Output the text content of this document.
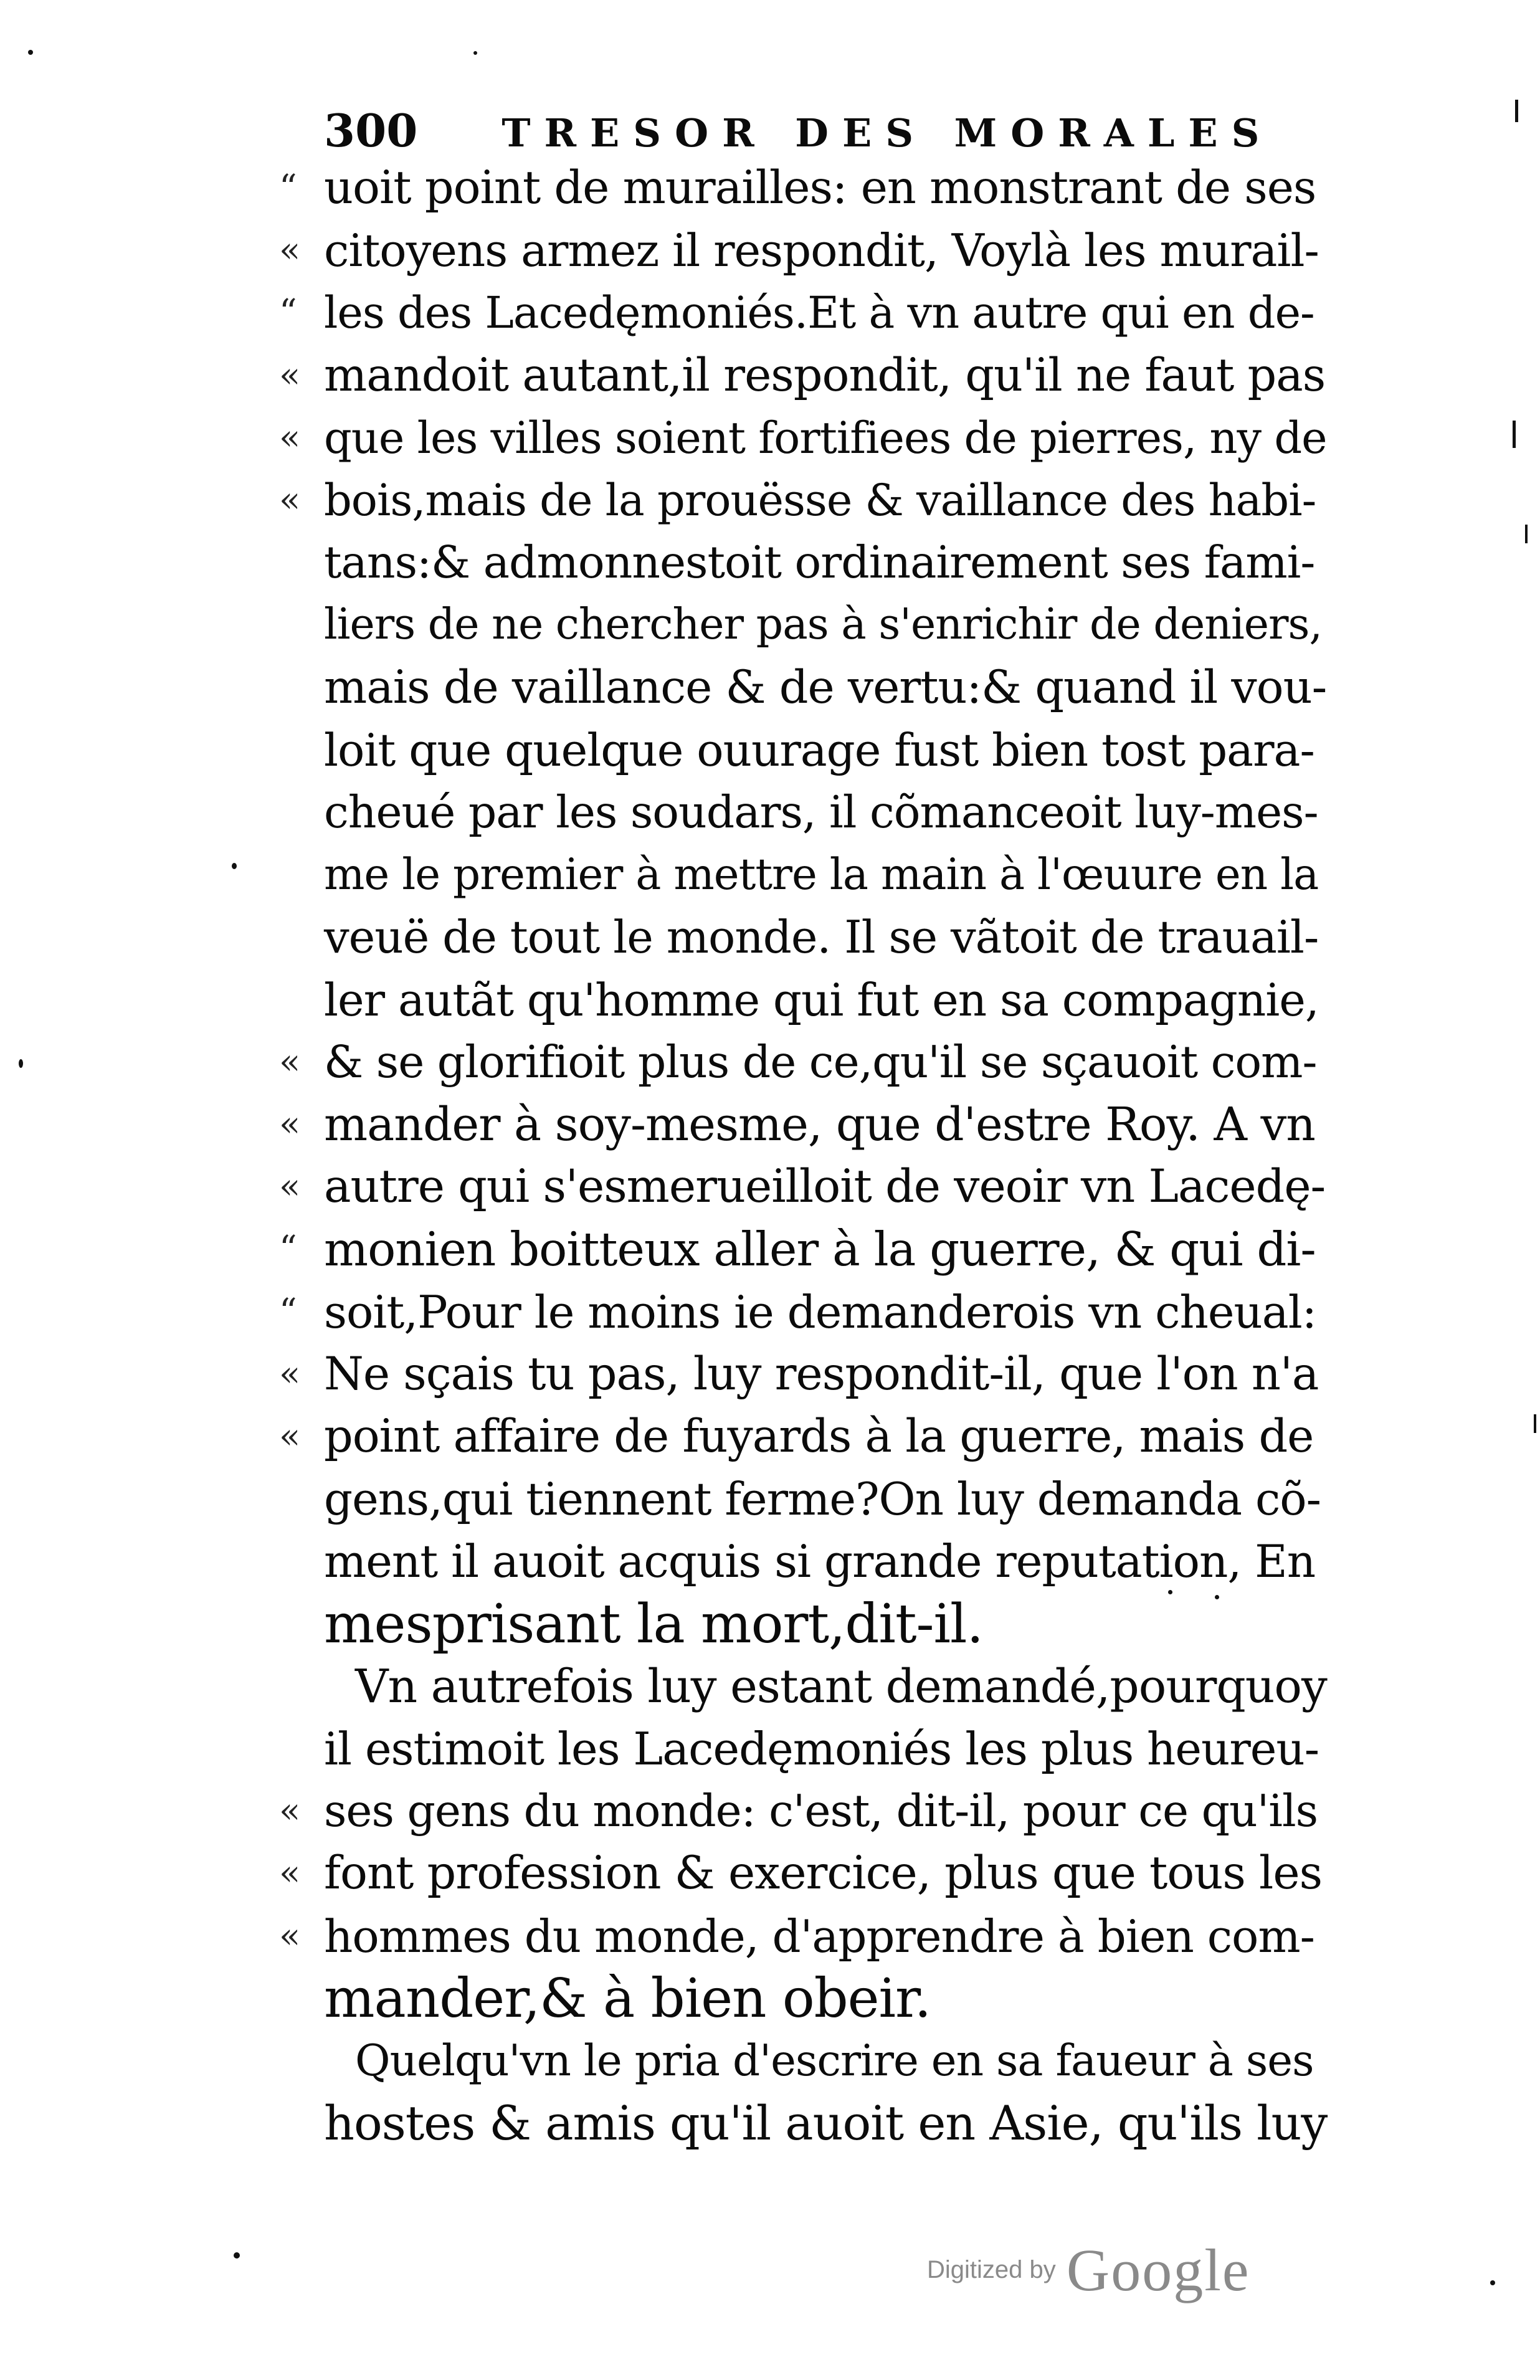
300 TRESOR DES MORALES
“ uoit point de murailles: en monstrant de ses
« citoyens armez il respondit, Voylà les murail-
“ les des Lacedęmoniés.Et à vn autre qui en de-
« mandoit autant,il respondit, qu'il ne faut pas
« que les villes soient fortifiees de pierres, ny de
« bois,mais de la prouësse & vaillance des habi-
tans:& admonnestoit ordinairement ses fami-
liers de ne chercher pas à s'enrichir de deniers,
mais de vaillance & de vertu:& quand il vou-
loit que quelque ouurage fust bien tost para-
cheué par les soudars, il cõmanceoit luy-mes-
me le premier à mettre la main à l'œuure en la
veuë de tout le monde. Il se vãtoit de trauail-
ler autãt qu'homme qui fut en sa compagnie,
« & se glorifioit plus de ce,qu'il se sçauoit com-
« mander à soy-mesme, que d'estre Roy. A vn
« autre qui s'esmerueilloit de veoir vn Lacedę-
“ monien boitteux aller à la guerre, & qui di-
“ soit,Pour le moins ie demanderois vn cheual:
« Ne sçais tu pas, luy respondit-il, que l'on n'a
« point affaire de fuyards à la guerre, mais de
gens,qui tiennent ferme?On luy demanda cõ-
ment il auoit acquis si grande reputation, En
mesprisant la mort,dit-il.
Vn autrefois luy estant demandé,pourquoy
il estimoit les Lacedęmoniés les plus heureu-
« ses gens du monde: c'est, dit-il, pour ce qu'ils
« font profession & exercice, plus que tous les
« hommes du monde, d'apprendre à bien com-
mander,& à bien obeir.
Quelqu'vn le pria d'escrire en sa faueur à ses
hostes & amis qu'il auoit en Asie, qu'ils luy
Digitized by Google
